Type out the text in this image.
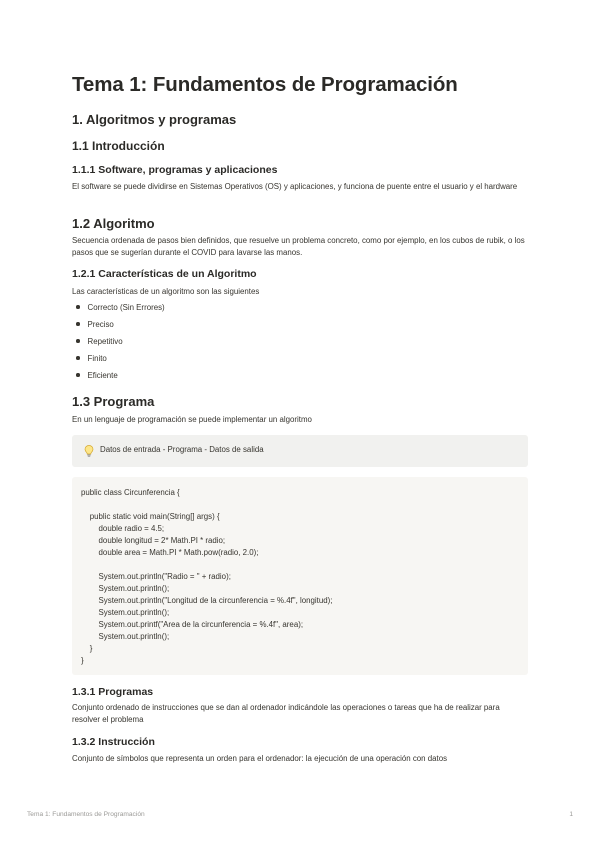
Tema 1: Fundamentos de Programación
1. Algoritmos y programas
1.1 Introducción
1.1.1 Software, programas y aplicaciones

El software se puede dividirse en Sistemas Operativos (OS) y aplicaciones, y funciona de puente entre el usuario y el hardware

1.2 Algoritmo

Secuencia ordenada de pasos bien definidos, que resuelve un problema concreto, como por ejemplo, en los cubos de rubik, o los pasos que se sugerían durante el COVID para lavarse las manos.

1.2.1 Características de un Algoritmo

Las características de un algoritmo son las siguientes

Correcto (Sin Errores)
Preciso
Repetitivo
Finito
Eficiente
1.3 Programa

En un lenguaje de programación se puede implementar un algoritmo

Datos de entrada - Programa - Datos de salida
public class Circunferencia {

public static void main(String[] args) {
double radio = 4.5;
double longitud = 2* Math.PI * radio;
double area = Math.PI * Math.pow(radio, 2.0);

System.out.println("Radio = " + radio);
System.out.println();
System.out.println("Longitud de la circunferencia = %.4f", longitud);
System.out.println();
System.out.printf("Area de la circunferencia = %.4f", area);
System.out.println();
}
}
1.3.1 Programas

Conjunto ordenado de instrucciones que se dan al ordenador indicándole las operaciones o tareas que ha de realizar para resolver el problema

1.3.2 Instrucción

Conjunto de símbolos que representa un orden para el ordenador: la ejecución de una operación con datos

Tema 1: Fundamentos de Programación	1
